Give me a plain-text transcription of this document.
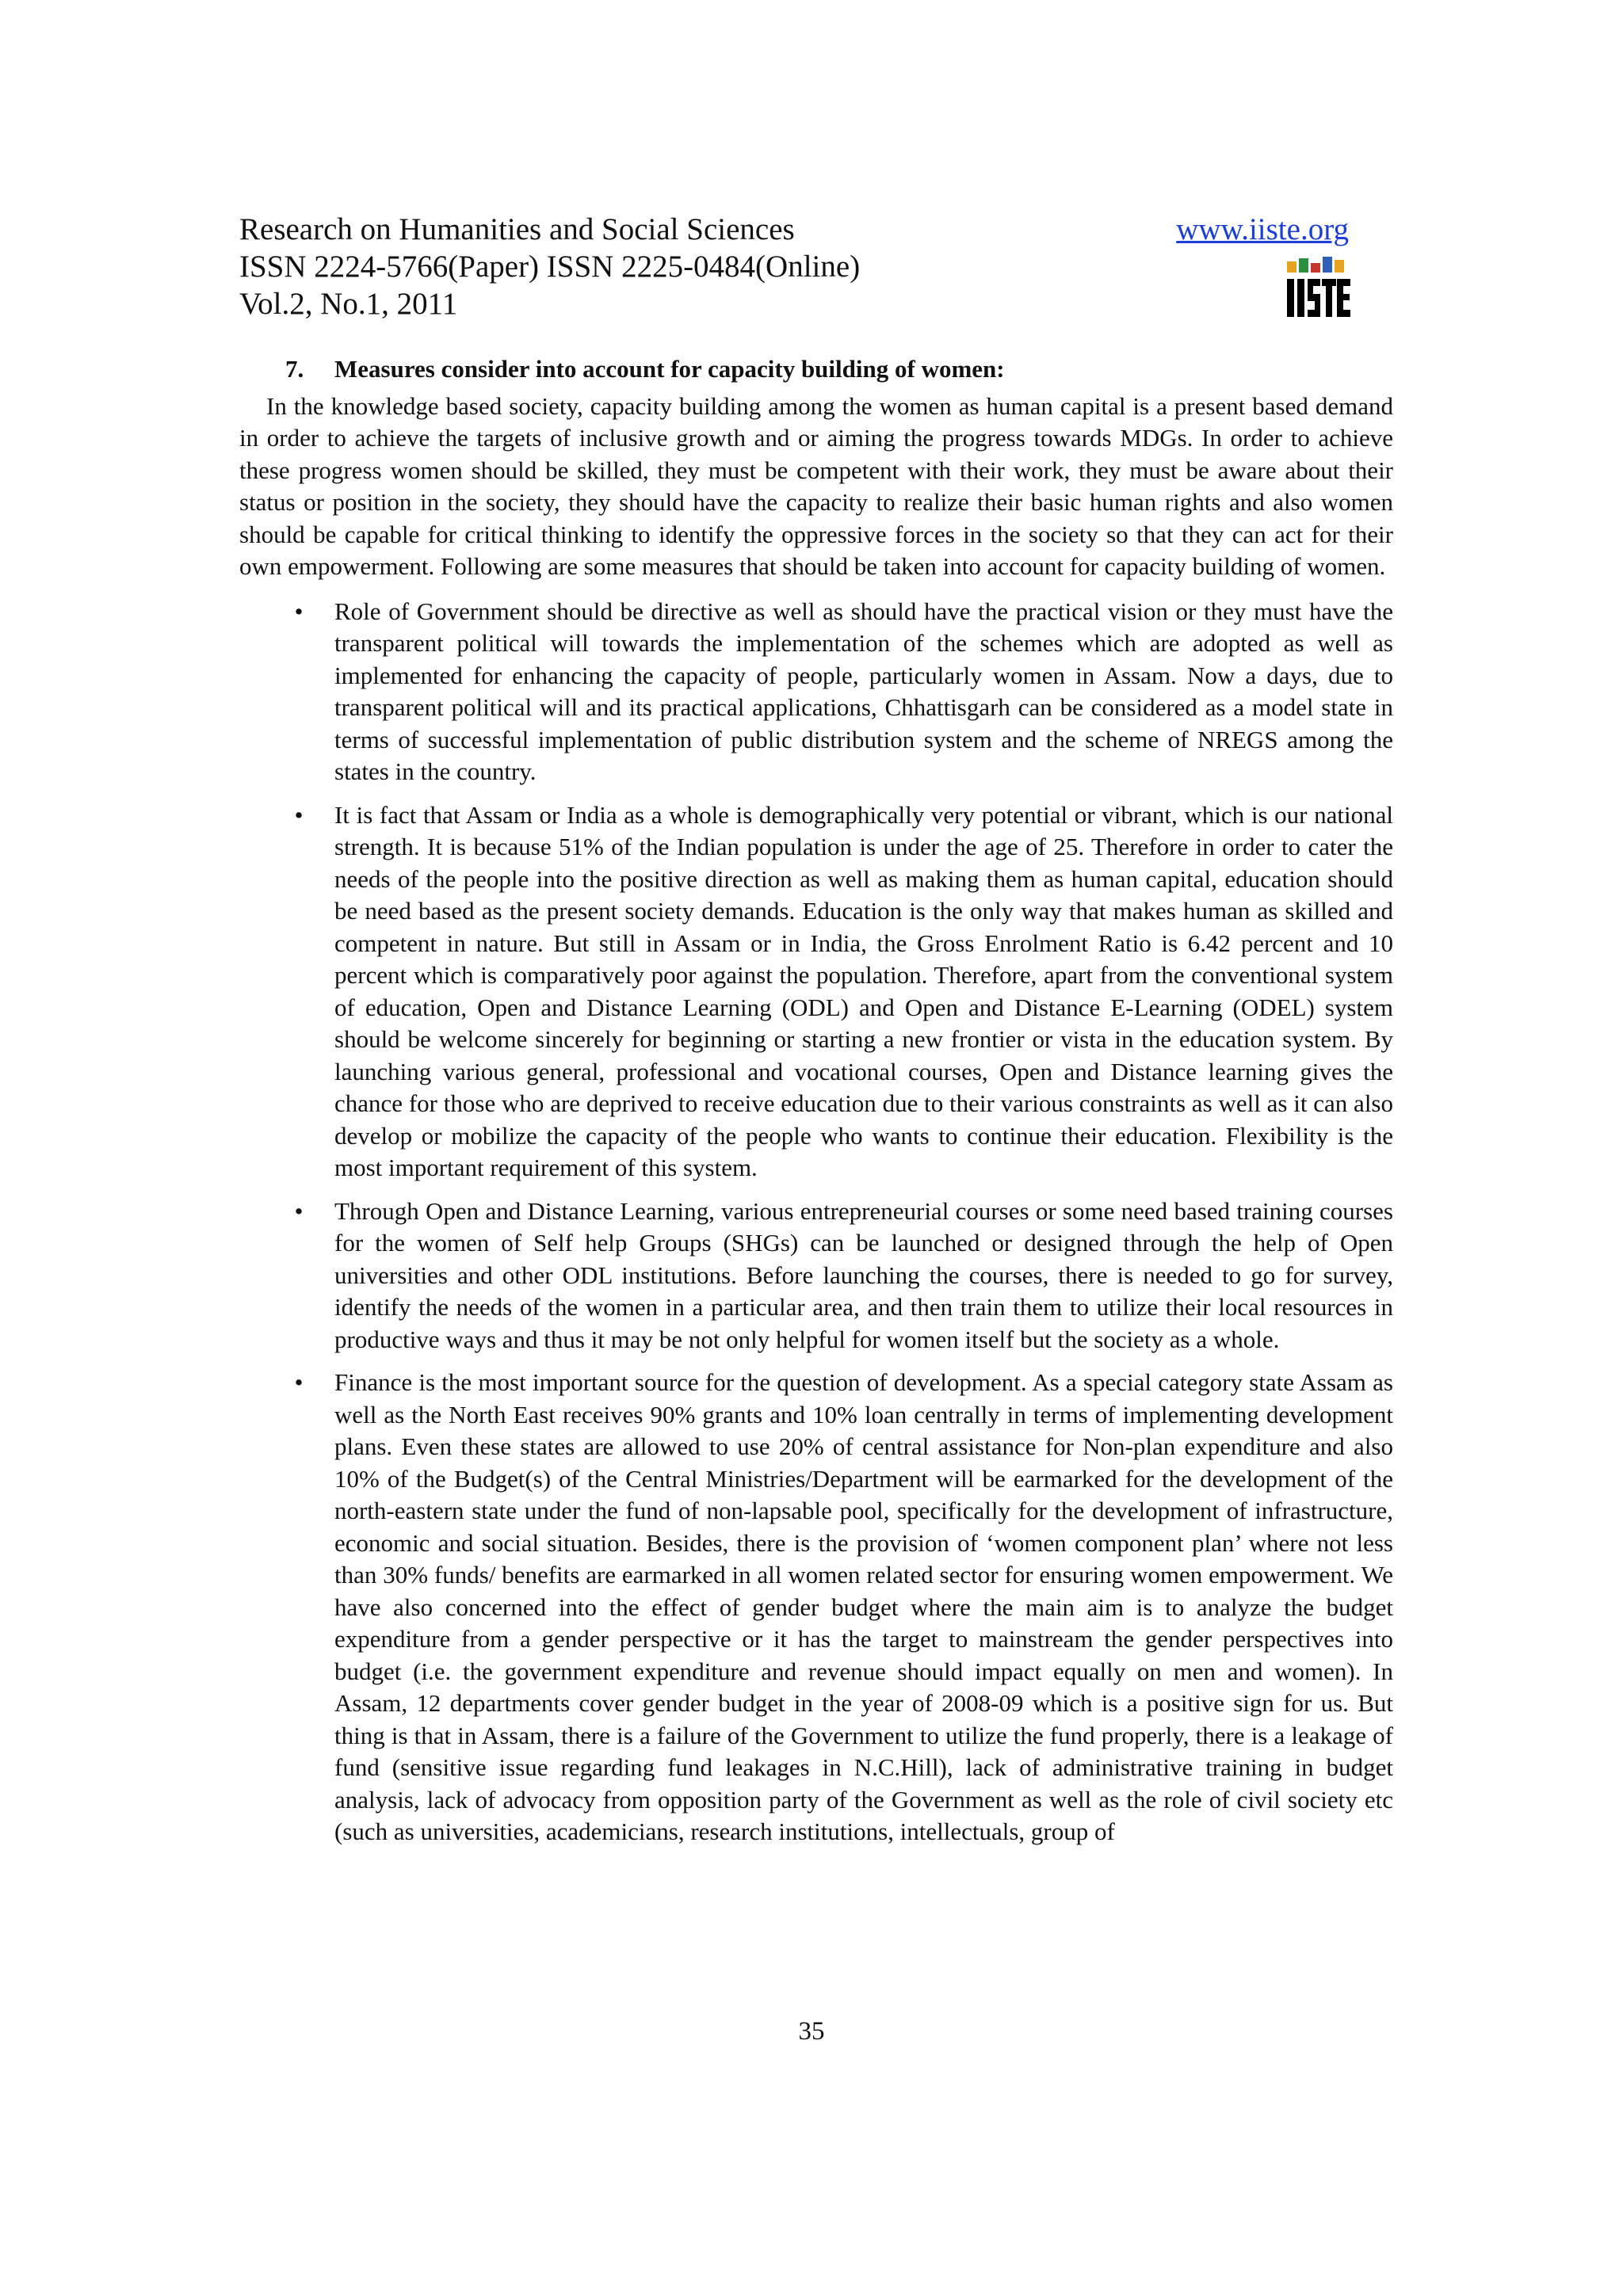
Research on Humanities and Social Sciences
ISSN 2224-5766(Paper) ISSN 2225-0484(Online)
Vol.2, No.1, 2011
www.iiste.org
7. Measures consider into account for capacity building of women:

In the knowledge based society, capacity building among the women as human capital is a present based demand in order to achieve the targets of inclusive growth and or aiming the progress towards MDGs. In order to achieve these progress women should be skilled, they must be competent with their work, they must be aware about their status or position in the society, they should have the capacity to realize their basic human rights and also women should be capable for critical thinking to identify the oppressive forces in the society so that they can act for their own empowerment. Following are some measures that should be taken into account for capacity building of women.

•	Role of Government should be directive as well as should have the practical vision or they must have the transparent political will towards the implementation of the schemes which are adopted as well as implemented for enhancing the capacity of people, particularly women in Assam. Now a days, due to transparent political will and its practical applications, Chhattisgarh can be considered as a model state in terms of successful implementation of public distribution system and the scheme of NREGS among the states in the country.
•	It is fact that Assam or India as a whole is demographically very potential or vibrant, which is our national strength. It is because 51% of the Indian population is under the age of 25. Therefore in order to cater the needs of the people into the positive direction as well as making them as human capital, education should be need based as the present society demands. Education is the only way that makes human as skilled and competent in nature. But still in Assam or in India, the Gross Enrolment Ratio is 6.42 percent and 10 percent which is comparatively poor against the population. Therefore, apart from the conventional system of education, Open and Distance Learning (ODL) and Open and Distance E-Learning (ODEL) system should be welcome sincerely for beginning or starting a new frontier or vista in the education system. By launching various general, professional and vocational courses, Open and Distance learning gives the chance for those who are deprived to receive education due to their various constraints as well as it can also develop or mobilize the capacity of the people who wants to continue their education. Flexibility is the most important requirement of this system.
•	Through Open and Distance Learning, various entrepreneurial courses or some need based training courses for the women of Self help Groups (SHGs) can be launched or designed through the help of Open universities and other ODL institutions. Before launching the courses, there is needed to go for survey, identify the needs of the women in a particular area, and then train them to utilize their local resources in productive ways and thus it may be not only helpful for women itself but the society as a whole.
•	Finance is the most important source for the question of development. As a special category state Assam as well as the North East receives 90% grants and 10% loan centrally in terms of implementing development plans. Even these states are allowed to use 20% of central assistance for Non-plan expenditure and also 10% of the Budget(s) of the Central Ministries/Department will be earmarked for the development of the north-eastern state under the fund of non-lapsable pool, specifically for the development of infrastructure, economic and social situation. Besides, there is the provision of ‘women component plan’ where not less than 30% funds/ benefits are earmarked in all women related sector for ensuring women empowerment. We have also concerned into the effect of gender budget where the main aim is to analyze the budget expenditure from a gender perspective or it has the target to mainstream the gender perspectives into budget (i.e. the government expenditure and revenue should impact equally on men and women). In Assam, 12 departments cover gender budget in the year of 2008-09 which is a positive sign for us. But thing is that in Assam, there is a failure of the Government to utilize the fund properly, there is a leakage of fund (sensitive issue regarding fund leakages in N.C.Hill), lack of administrative training in budget analysis, lack of advocacy from opposition party of the Government as well as the role of civil society etc (such as universities, academicians, research institutions, intellectuals, group of
35
